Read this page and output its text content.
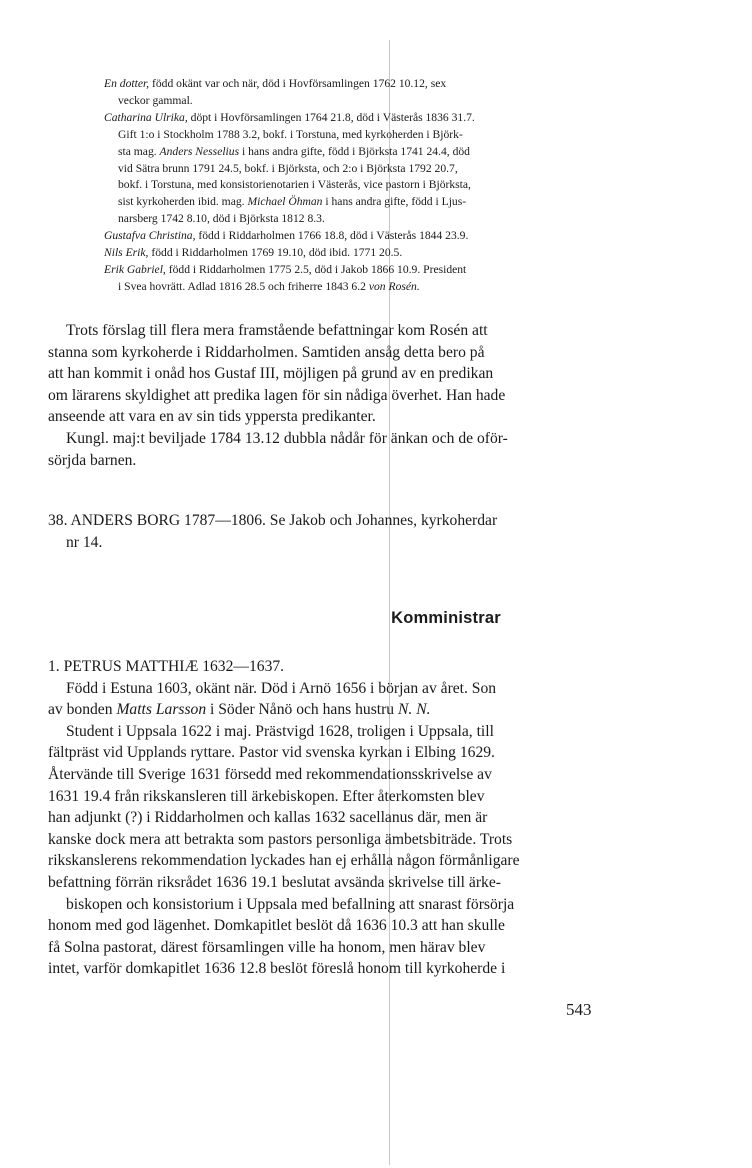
En dotter, född okänt var och när, död i Hovförsamlingen 1762 10.12, sex
veckor gammal.

Catharina Ulrika, döpt i Hovförsamlingen 1764 21.8, död i Västerås 1836 31.7.
Gift 1:o i Stockholm 1788 3.2, bokf. i Torstuna, med kyrkoherden i Björk-
sta mag. Anders Nesselius i hans andra gifte, född i Björksta 1741 24.4, död
vid Sätra brunn 1791 24.5, bokf. i Björksta, och 2:o i Björksta 1792 20.7,
bokf. i Torstuna, med konsistorienotarien i Västerås, vice pastorn i Björksta,
sist kyrkoherden ibid. mag. Michael Öhman i hans andra gifte, född i Ljus-
narsberg 1742 8.10, död i Björksta 1812 8.3.

Gustafva Christina, född i Riddarholmen 1766 18.8, död i Västerås 1844 23.9.

Nils Erik, född i Riddarholmen 1769 19.10, död ibid. 1771 20.5.

Erik Gabriel, född i Riddarholmen 1775 2.5, död i Jakob 1866 10.9. President
i Svea hovrätt. Adlad 1816 28.5 och friherre 1843 6.2 von Rosén.

Trots förslag till flera mera framstående befattningar kom Rosén att
stanna som kyrkoherde i Riddarholmen. Samtiden ansåg detta bero på
att han kommit i onåd hos Gustaf III, möjligen på grund av en predikan
om lärarens skyldighet att predika lagen för sin nådiga överhet. Han hade
anseende att vara en av sin tids yppersta predikanter.
Kungl. maj:t beviljade 1784 13.12 dubbla nådår för änkan och de oför-
sörjda barnen.
38. ANDERS BORG 1787—1806. Se Jakob och Johannes, kyrkoherdar
nr 14.
Komministrar
1. PETRUS MATTHIÆ 1632—1637.
Född i Estuna 1603, okänt när. Död i Arnö 1656 i början av året. Son
av bonden Matts Larsson i Söder Nånö och hans hustru N. N.
Student i Uppsala 1622 i maj. Prästvigd 1628, troligen i Uppsala, till
fältpräst vid Upplands ryttare. Pastor vid svenska kyrkan i Elbing 1629.
Återvände till Sverige 1631 försedd med rekommendationsskrivelse av
1631 19.4 från rikskansleren till ärkebiskopen. Efter återkomsten blev
han adjunkt (?) i Riddarholmen och kallas 1632 sacellanus där, men är
kanske dock mera att betrakta som pastors personliga ämbetsbiträde. Trots
rikskanslerens rekommendation lyckades han ej erhålla någon förmånligare
befattning förrän riksrådet 1636 19.1 beslutat avsända skrivelse till ärke-
biskopen och konsistorium i Uppsala med befallning att snarast försörja
honom med god lägenhet. Domkapitlet beslöt då 1636 10.3 att han skulle
få Solna pastorat, därest församlingen ville ha honom, men härav blev
intet, varför domkapitlet 1636 12.8 beslöt föreslå honom till kyrkoherde i
543
